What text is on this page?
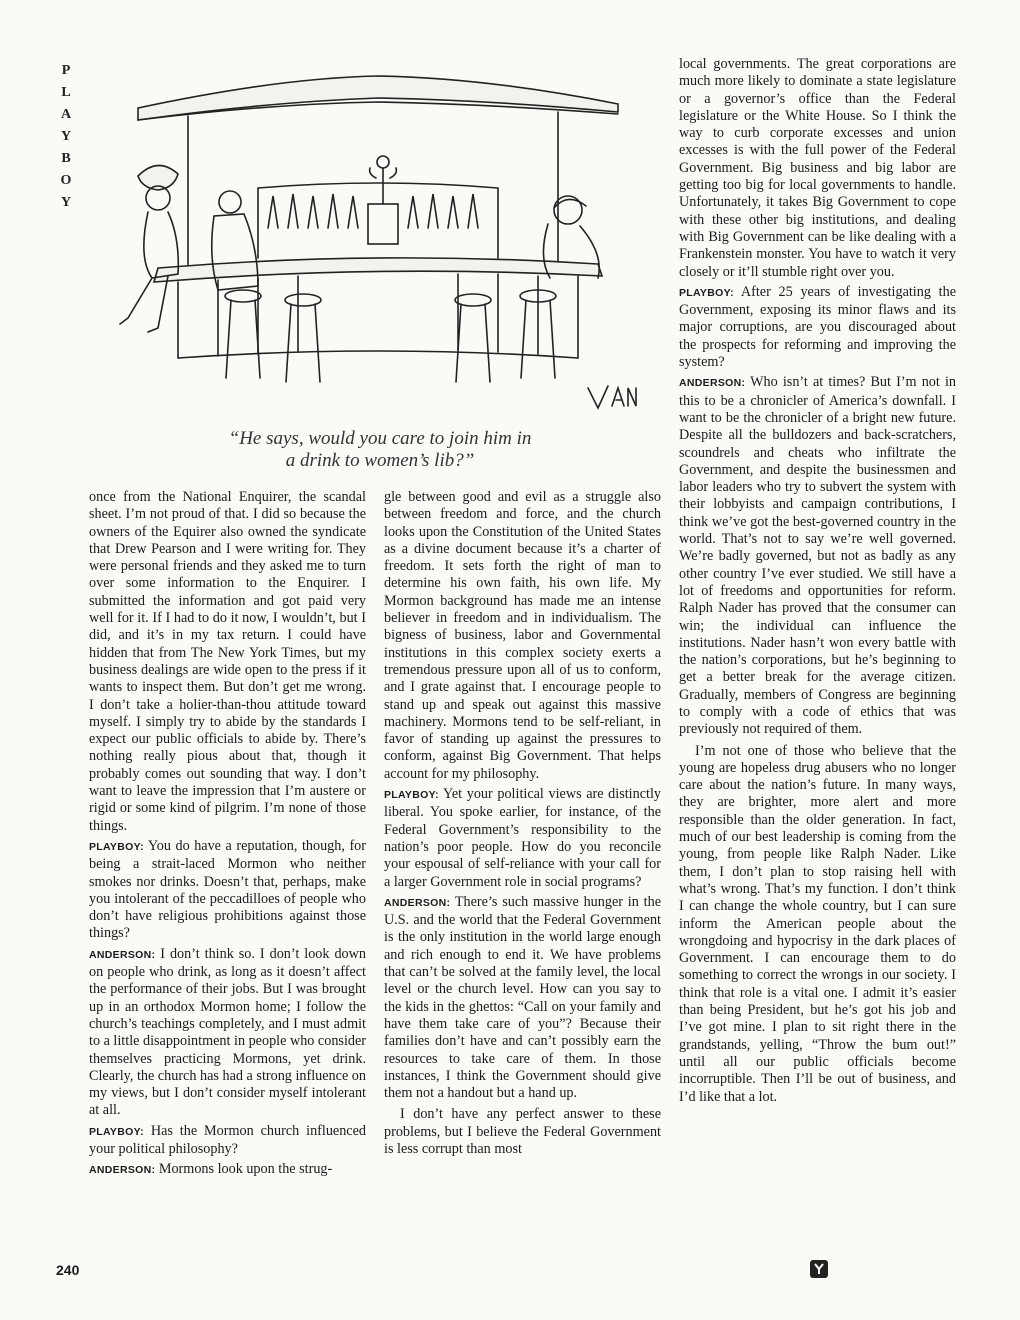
P
L
A
Y
B
O
Y
“He says, would you care to join him in
a drink to women’s lib?”

once from the National Enquirer, the scandal sheet. I’m not proud of that. I did so because the owners of the Equirer also owned the syndicate that Drew Pearson and I were writing for. They were personal friends and they asked me to turn over some information to the Enquirer. I submitted the information and got paid very well for it. If I had to do it now, I wouldn’t, but I did, and it’s in my tax return. I could have hidden that from The New York Times, but my business dealings are wide open to the press if it wants to inspect them. But don’t get me wrong. I don’t take a holier-than-thou attitude toward myself. I simply try to abide by the standards I expect our public officials to abide by. There’s nothing really pious about that, though it probably comes out sounding that way. I don’t want to leave the impression that I’m austere or rigid or some kind of pilgrim. I’m none of those things.

PLAYBOY: You do have a reputation, though, for being a strait-laced Mormon who neither smokes nor drinks. Doesn’t that, perhaps, make you intolerant of the peccadilloes of people who don’t have religious prohibitions against those things?

ANDERSON: I don’t think so. I don’t look down on people who drink, as long as it doesn’t affect the performance of their jobs. But I was brought up in an orthodox Mormon home; I follow the church’s teachings completely, and I must admit to a little disappointment in people who consider themselves practicing Mormons, yet drink. Clearly, the church has had a strong influence on my views, but I don’t consider myself intolerant at all.

PLAYBOY: Has the Mormon church influenced your political philosophy?

ANDERSON: Mormons look upon the strug-

gle between good and evil as a struggle also between freedom and force, and the church looks upon the Constitution of the United States as a divine document because it’s a charter of freedom. It sets forth the right of man to determine his own faith, his own life. My Mormon background has made me an intense believer in freedom and in individualism. The bigness of business, labor and Governmental institutions in this complex society exerts a tremendous pressure upon all of us to conform, and I grate against that. I encourage people to stand up and speak out against this massive machinery. Mormons tend to be self-reliant, in favor of standing up against the pressures to conform, against Big Government. That helps account for my philosophy.

PLAYBOY: Yet your political views are distinctly liberal. You spoke earlier, for instance, of the Federal Government’s responsibility to the nation’s poor people. How do you reconcile your espousal of self-reliance with your call for a larger Government role in social programs?

ANDERSON: There’s such massive hunger in the U.S. and the world that the Federal Government is the only institution in the world large enough and rich enough to end it. We have problems that can’t be solved at the family level, the local level or the church level. How can you say to the kids in the ghettos: “Call on your family and have them take care of you”? Because their families don’t have and can’t possibly earn the resources to take care of them. In those instances, I think the Government should give them not a handout but a hand up.

I don’t have any perfect answer to these problems, but I believe the Federal Government is less corrupt than most

local governments. The great corporations are much more likely to dominate a state legislature or a governor’s office than the Federal legislature or the White House. So I think the way to curb corporate excesses and union excesses is with the full power of the Federal Government. Big business and big labor are getting too big for local governments to handle. Unfortunately, it takes Big Government to cope with these other big institutions, and dealing with Big Government can be like dealing with a Frankenstein monster. You have to watch it very closely or it’ll stumble right over you.

PLAYBOY: After 25 years of investigating the Government, exposing its minor flaws and its major corruptions, are you discouraged about the prospects for reforming and improving the system?

ANDERSON: Who isn’t at times? But I’m not in this to be a chronicler of America’s downfall. I want to be the chronicler of a bright new future. Despite all the bulldozers and back-scratchers, scoundrels and cheats who infiltrate the Government, and despite the businessmen and labor leaders who try to subvert the system with their lobbyists and campaign contributions, I think we’ve got the best-governed country in the world. That’s not to say we’re well governed. We’re badly governed, but not as badly as any other country I’ve ever studied. We still have a lot of freedoms and opportunities for reform. Ralph Nader has proved that the consumer can win; the individual can influence the institutions. Nader hasn’t won every battle with the nation’s corporations, but he’s beginning to get a better break for the average citizen. Gradually, members of Congress are beginning to comply with a code of ethics that was previously not required of them.

I’m not one of those who believe that the young are hopeless drug abusers who no longer care about the nation’s future. In many ways, they are brighter, more alert and more responsible than the older generation. In fact, much of our best leadership is coming from the young, from people like Ralph Nader. Like them, I don’t plan to stop raising hell with what’s wrong. That’s my function. I don’t think I can change the whole country, but I can sure inform the American people about the wrongdoing and hypocrisy in the dark places of Government. I can encourage them to do something to correct the wrongs in our society. I think that role is a vital one. I admit it’s easier than being President, but he’s got his job and I’ve got mine. I plan to sit right there in the grandstands, yelling, “Throw the bum out!” until all our public officials become incorruptible. Then I’ll be out of business, and I’d like that a lot.

240
